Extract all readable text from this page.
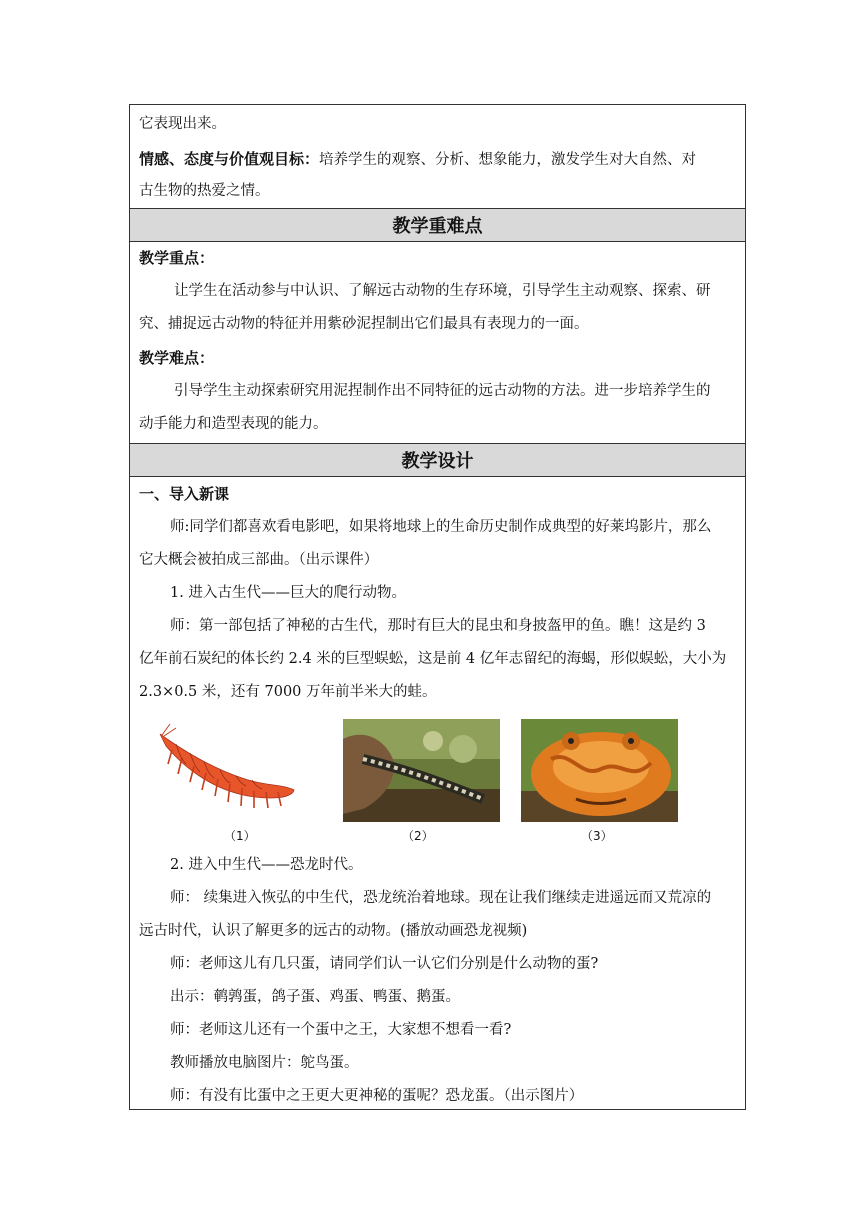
它表现出来。
情感、态度与价值观目标：培养学生的观察、分析、想象能力，激发学生对大自然、对
古生物的热爱之情。
教学重难点
教学重点：
让学生在活动参与中认识、了解远古动物的生存环境，引导学生主动观察、探索、研
究、捕捉远古动物的特征并用紫砂泥捏制出它们最具有表现力的一面。
教学难点：
引导学生主动探索研究用泥捏制作出不同特征的远古动物的方法。进一步培养学生的
动手能力和造型表现的能力。
教学设计
一、导入新课
师:同学们都喜欢看电影吧，如果将地球上的生命历史制作成典型的好莱坞影片，那么
它大概会被拍成三部曲。（出示课件）
1. 进入古生代——巨大的爬行动物。
师：第一部包括了神秘的古生代，那时有巨大的昆虫和身披盔甲的鱼。瞧！这是约 3
亿年前石炭纪的体长约 2.4 米的巨型蜈蚣，这是前 4 亿年志留纪的海蝎，形似蜈蚣，大小为
2.3×0.5 米，还有 7000 万年前半米大的蛙。
（1）	（2）	（3）
2. 进入中生代——恐龙时代。
师： 续集进入恢弘的中生代，恐龙统治着地球。现在让我们继续走进遥远而又荒凉的
远古时代，认识了解更多的远古的动物。(播放动画恐龙视频)
师：老师这儿有几只蛋，请同学们认一认它们分别是什么动物的蛋?
出示：鹌鹑蛋，鸽子蛋、鸡蛋、鸭蛋、鹅蛋。
师：老师这儿还有一个蛋中之王，大家想不想看一看?
教师播放电脑图片：鸵鸟蛋。
师：有没有比蛋中之王更大更神秘的蛋呢？恐龙蛋。（出示图片）
